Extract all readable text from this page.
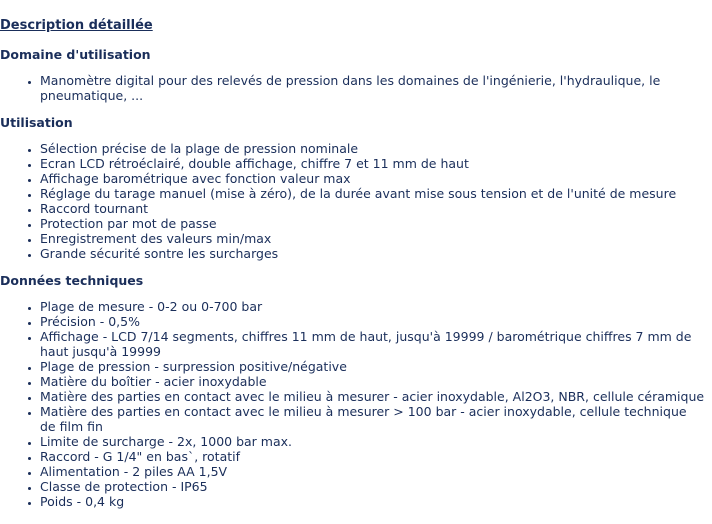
Description détaillée
Domaine d'utilisation
• Manomètre digital pour des relevés de pression dans les domaines de l'ingénierie, l'hydraulique, le pneumatique, ...
Utilisation
• Sélection précise de la plage de pression nominale
• Ecran LCD rétroéclairé, double affichage, chiffre 7 et 11 mm de haut
• Affichage barométrique avec fonction valeur max
• Réglage du tarage manuel (mise à zéro), de la durée avant mise sous tension et de l'unité de mesure
• Raccord tournant
• Protection par mot de passe
• Enregistrement des valeurs min/max
• Grande sécurité sontre les surcharges
Données techniques
• Plage de mesure - 0-2 ou 0-700 bar
• Précision - 0,5%
• Affichage - LCD 7/14 segments, chiffres 11 mm de haut, jusqu'à 19999 / barométrique chiffres 7 mm de haut jusqu'à 19999
• Plage de pression - surpression positive/négative
• Matière du boîtier - acier inoxydable
• Matière des parties en contact avec le milieu à mesurer - acier inoxydable, Al2O3, NBR, cellule céramique
• Matière des parties en contact avec le milieu à mesurer > 100 bar - acier inoxydable, cellule technique de film fin
• Limite de surcharge - 2x, 1000 bar max.
• Raccord - G 1/4" en bas`, rotatif
• Alimentation - 2 piles AA 1,5V
• Classe de protection - IP65
• Poids - 0,4 kg
